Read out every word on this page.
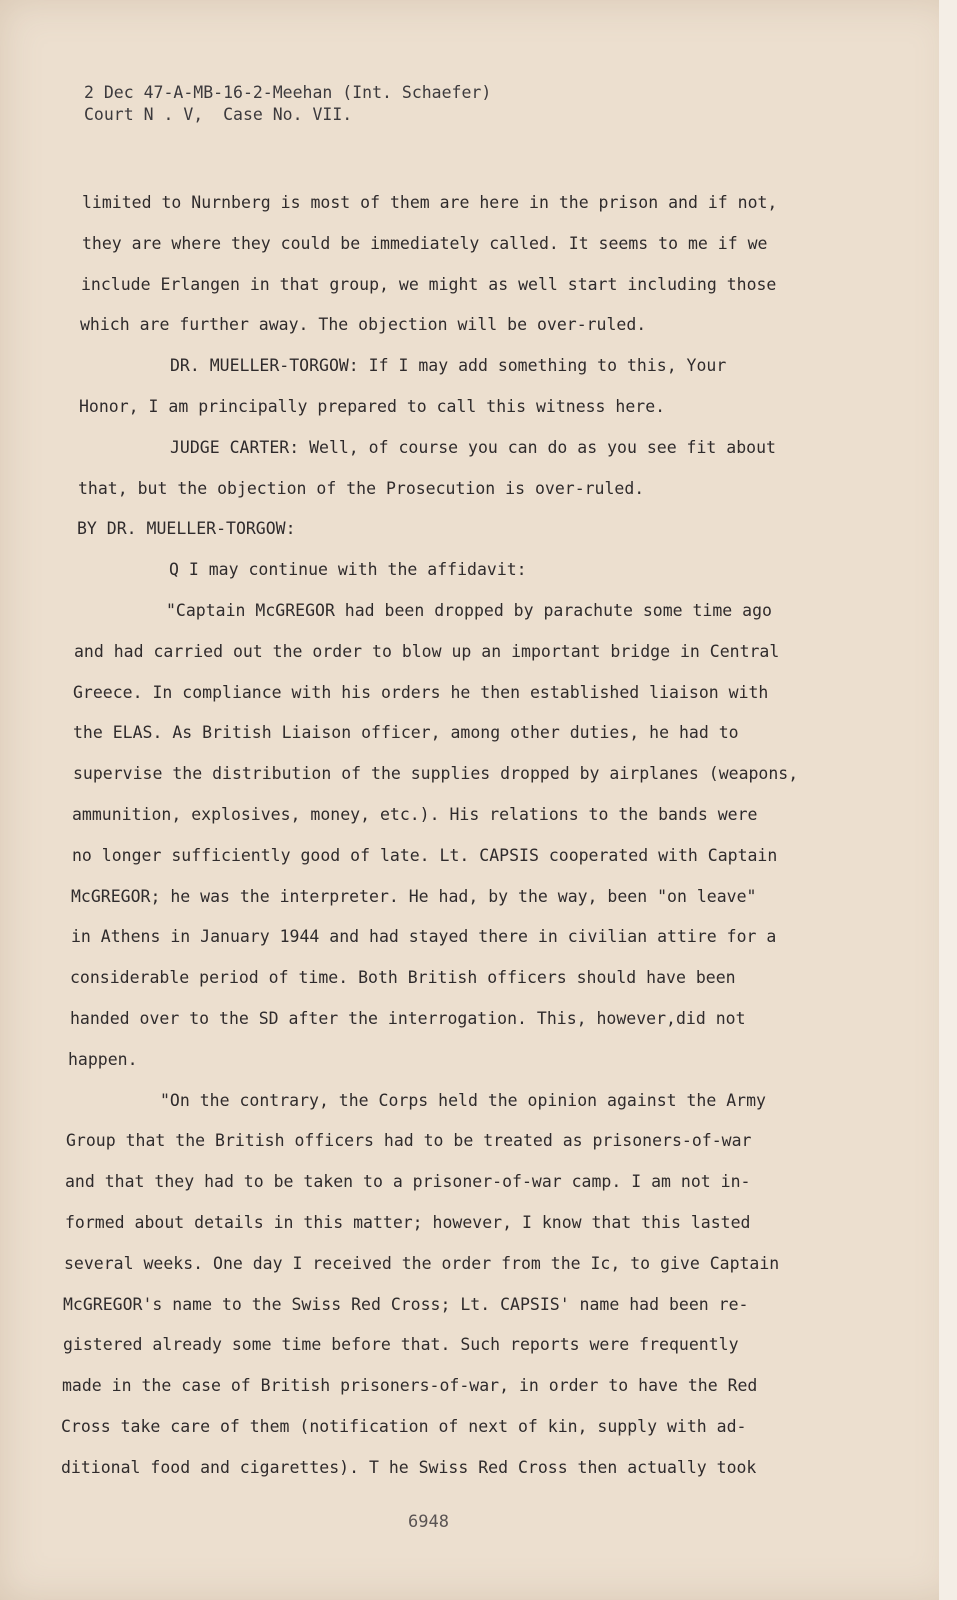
2 Dec 47-A-MB-16-2-Meehan (Int. Schaefer)
Court N . V,  Case No. VII.
limited to Nurnberg is most of them are here in the prison and if not,
they are where they could be immediately called. It seems to me if we
include Erlangen in that group, we might as well start including those
which are further away. The objection will be over-ruled.
DR. MUELLER-TORGOW: If I may add something to this, Your
Honor, I am principally prepared to call this witness here.
JUDGE CARTER: Well, of course you can do as you see fit about
that, but the objection of the Prosecution is over-ruled.
BY DR. MUELLER-TORGOW:
Q I may continue with the affidavit:
"Captain McGREGOR had been dropped by parachute some time ago
and had carried out the order to blow up an important bridge in Central
Greece. In compliance with his orders he then established liaison with
the ELAS. As British Liaison officer, among other duties, he had to
supervise the distribution of the supplies dropped by airplanes (weapons,
ammunition, explosives, money, etc.). His relations to the bands were
no longer sufficiently good of late. Lt. CAPSIS cooperated with Captain
McGREGOR; he was the interpreter. He had, by the way, been "on leave"
in Athens in January 1944 and had stayed there in civilian attire for a
considerable period of time. Both British officers should have been
handed over to the SD after the interrogation. This, however,did not
happen.
"On the contrary, the Corps held the opinion against the Army
Group that the British officers had to be treated as prisoners-of-war
and that they had to be taken to a prisoner-of-war camp. I am not in-
formed about details in this matter; however, I know that this lasted
several weeks. One day I received the order from the Ic, to give Captain
McGREGOR's name to the Swiss Red Cross; Lt. CAPSIS' name had been re-
gistered already some time before that. Such reports were frequently
made in the case of British prisoners-of-war, in order to have the Red
Cross take care of them (notification of next of kin, supply with ad-
ditional food and cigarettes). T he Swiss Red Cross then actually took
6948
